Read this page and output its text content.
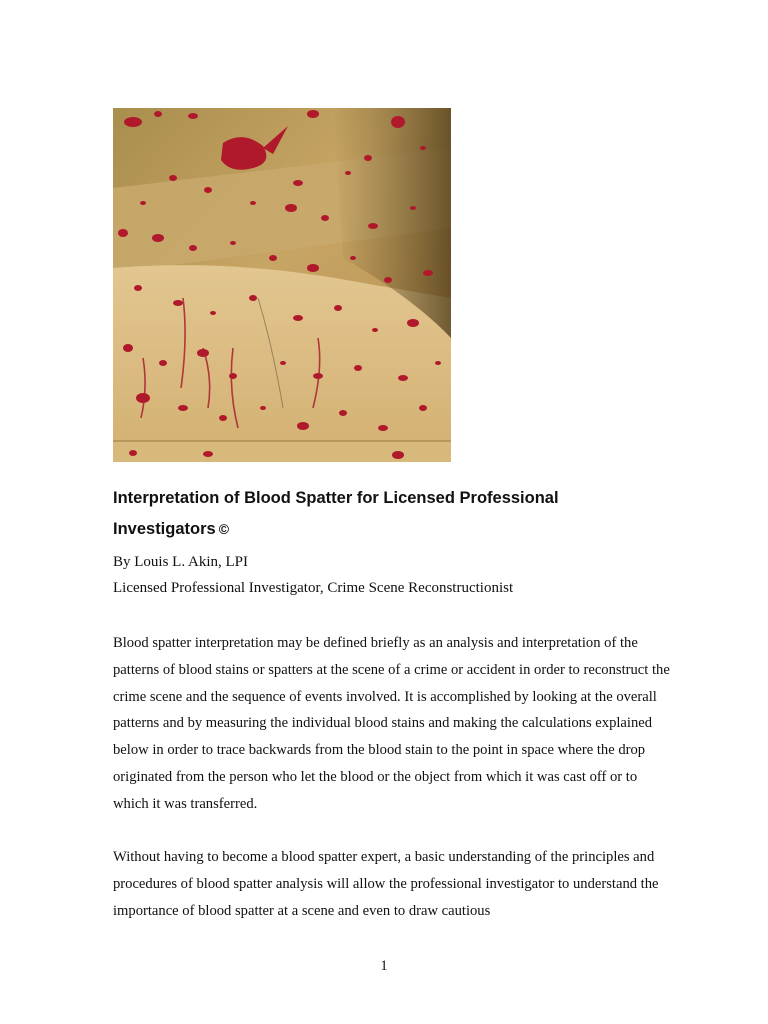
Interpretation of Blood Spatter for Licensed Professional Investigators ©

By Louis L. Akin, LPI

Licensed Professional Investigator, Crime Scene Reconstructionist

Blood spatter interpretation may be defined briefly as an analysis and interpretation of the patterns of blood stains or spatters at the scene of a crime or accident in order to reconstruct the crime scene and the sequence of events involved. It is accomplished by looking at the overall patterns and by measuring the individual blood stains and making the calculations explained below in order to trace backwards from the blood stain to the point in space where the drop originated from the person who let the blood or the object from which it was cast off or to which it was transferred.

Without having to become a blood spatter expert, a basic understanding of the principles and procedures of blood spatter analysis will allow the professional investigator to understand the importance of blood spatter at a scene and even to draw cautious

1
